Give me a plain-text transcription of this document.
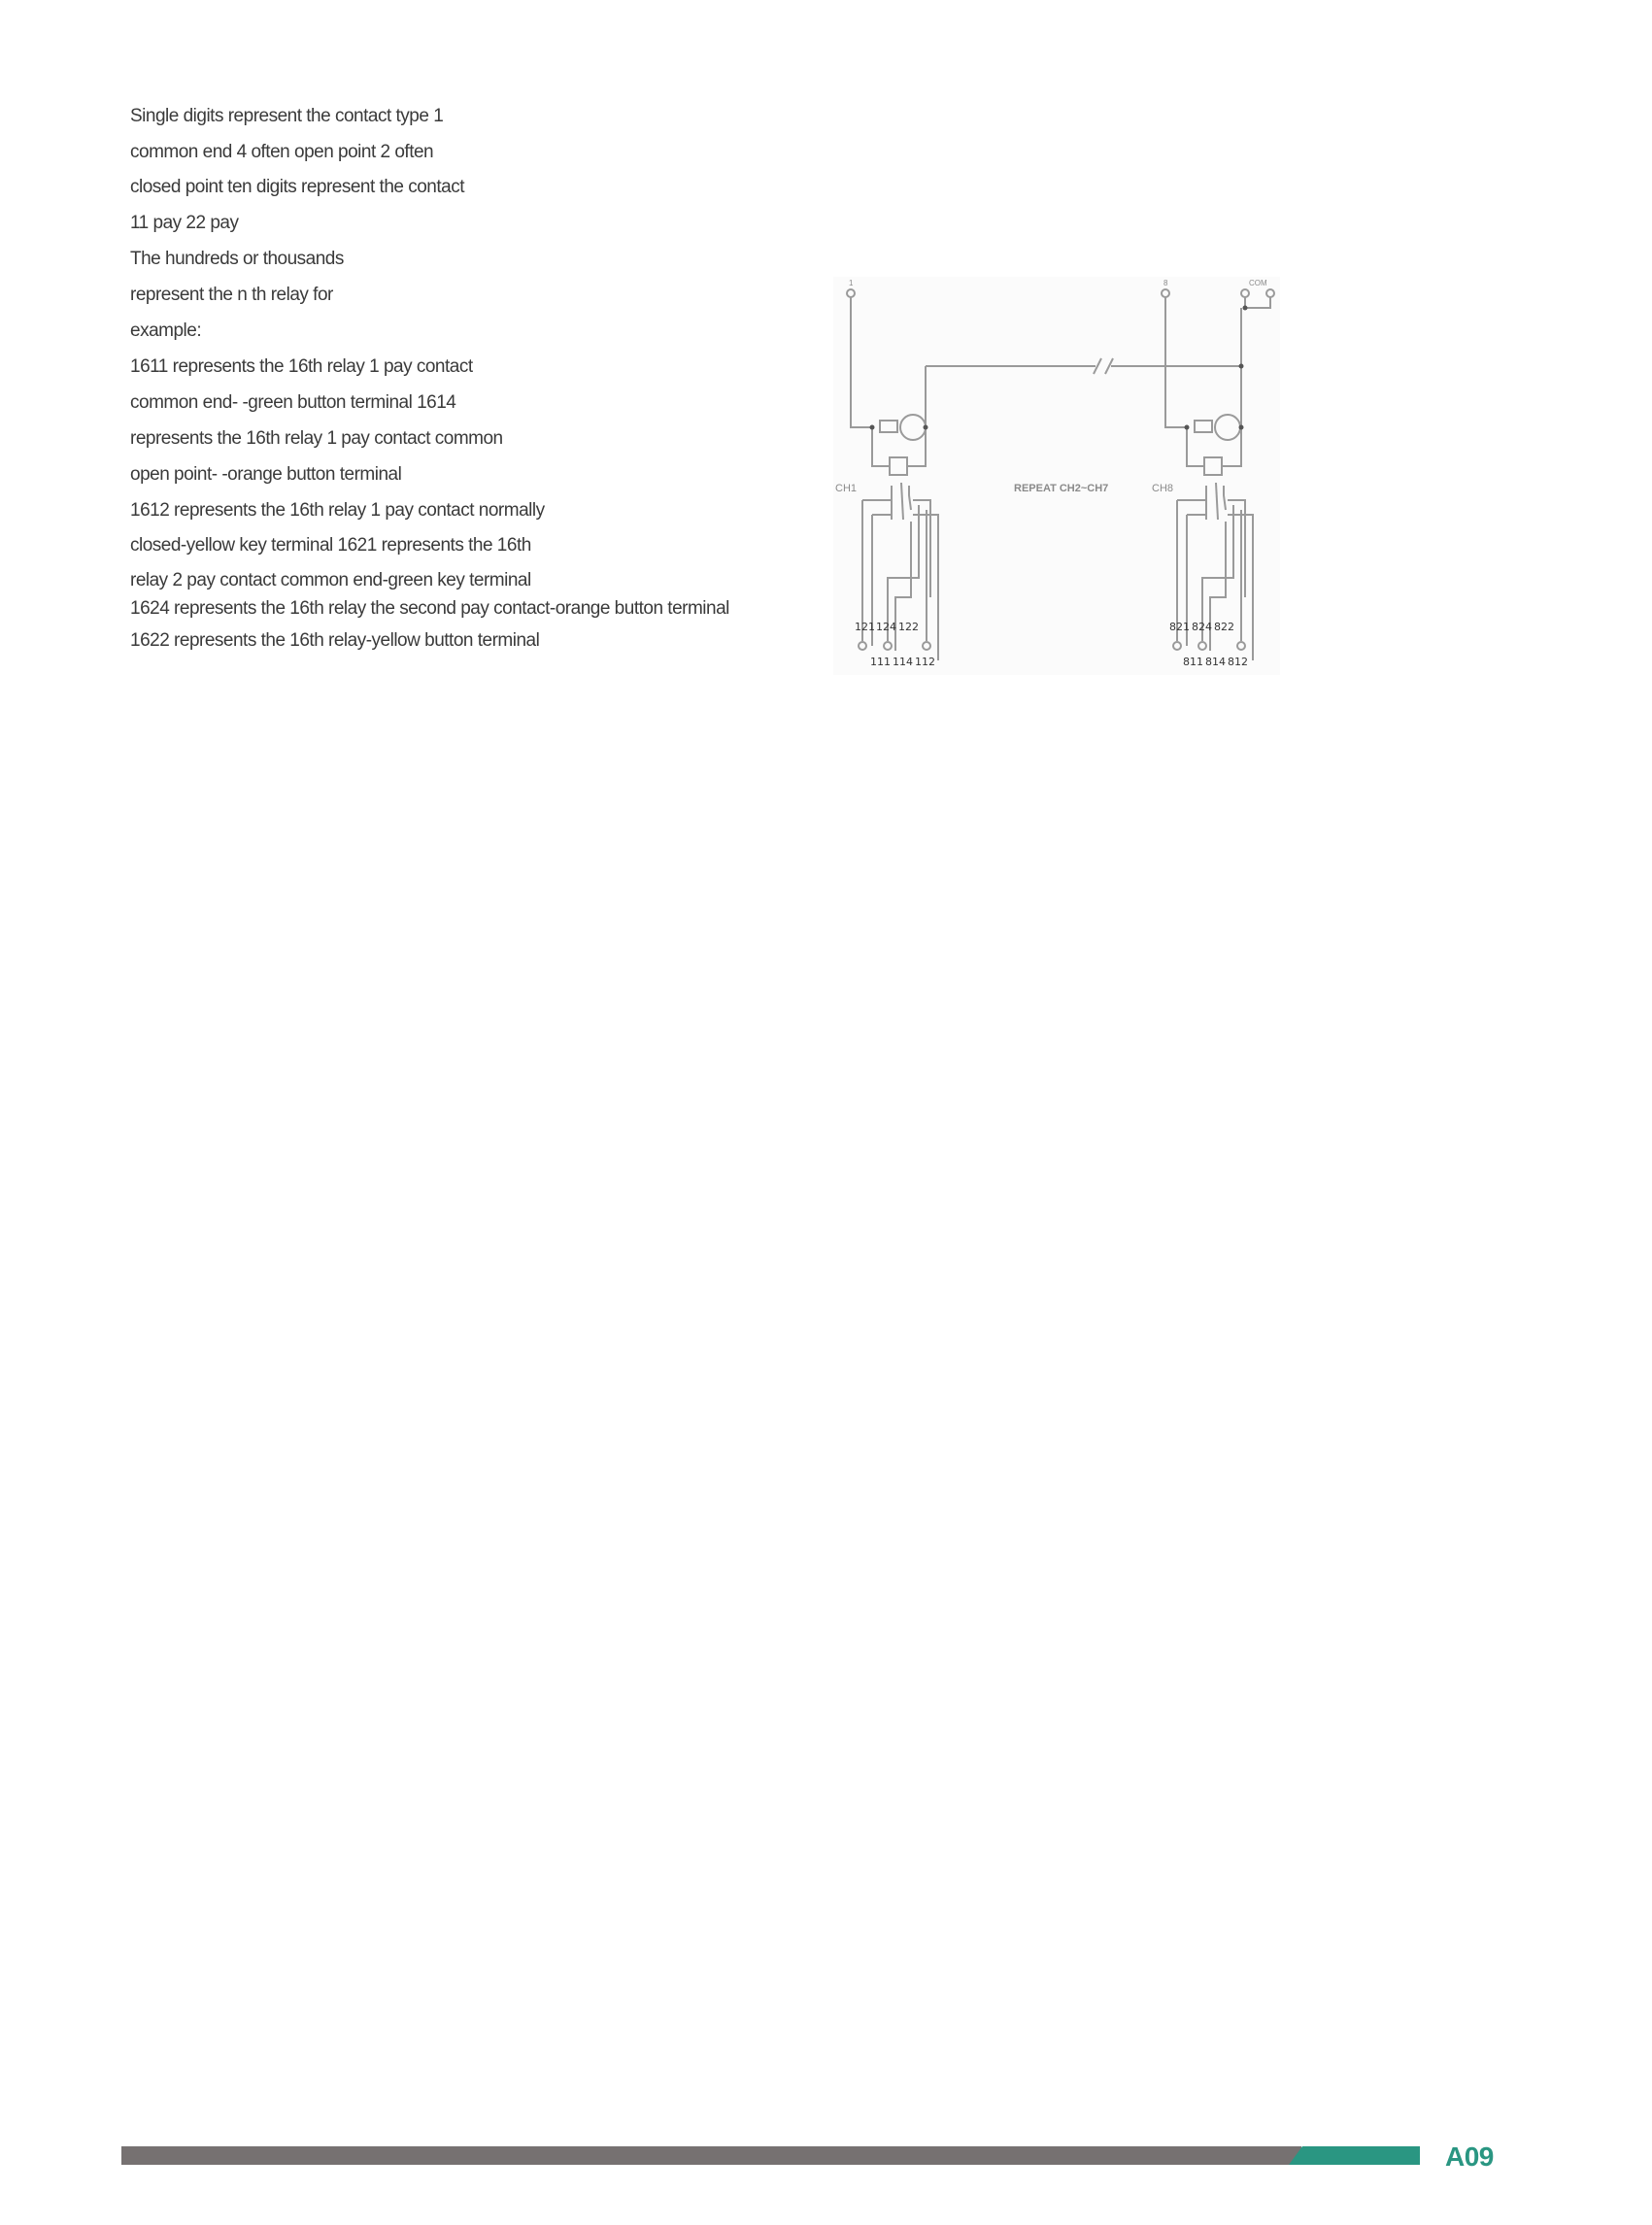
Single digits represent the contact type 1
common end 4 often open point 2 often
closed point ten digits represent the contact
11 pay 22 pay
The hundreds or thousands
represent the n th relay for
example:
1611 represents the 16th relay 1 pay contact
common end- -green button terminal 1614
represents the 16th relay 1 pay contact common
open point- -orange button terminal
1612 represents the 16th relay 1 pay contact normally
closed-yellow key terminal 1621 represents the 16th
relay 2 pay contact common end-green key terminal
1624 represents the 16th relay the second pay contact-orange button terminal
1622 represents the 16th relay-yellow button terminal
1	8	COM
CH1	CH8
REPEAT CH2~CH7
121 124 122
111 114 112
821 824 822
811 814 812
A09
